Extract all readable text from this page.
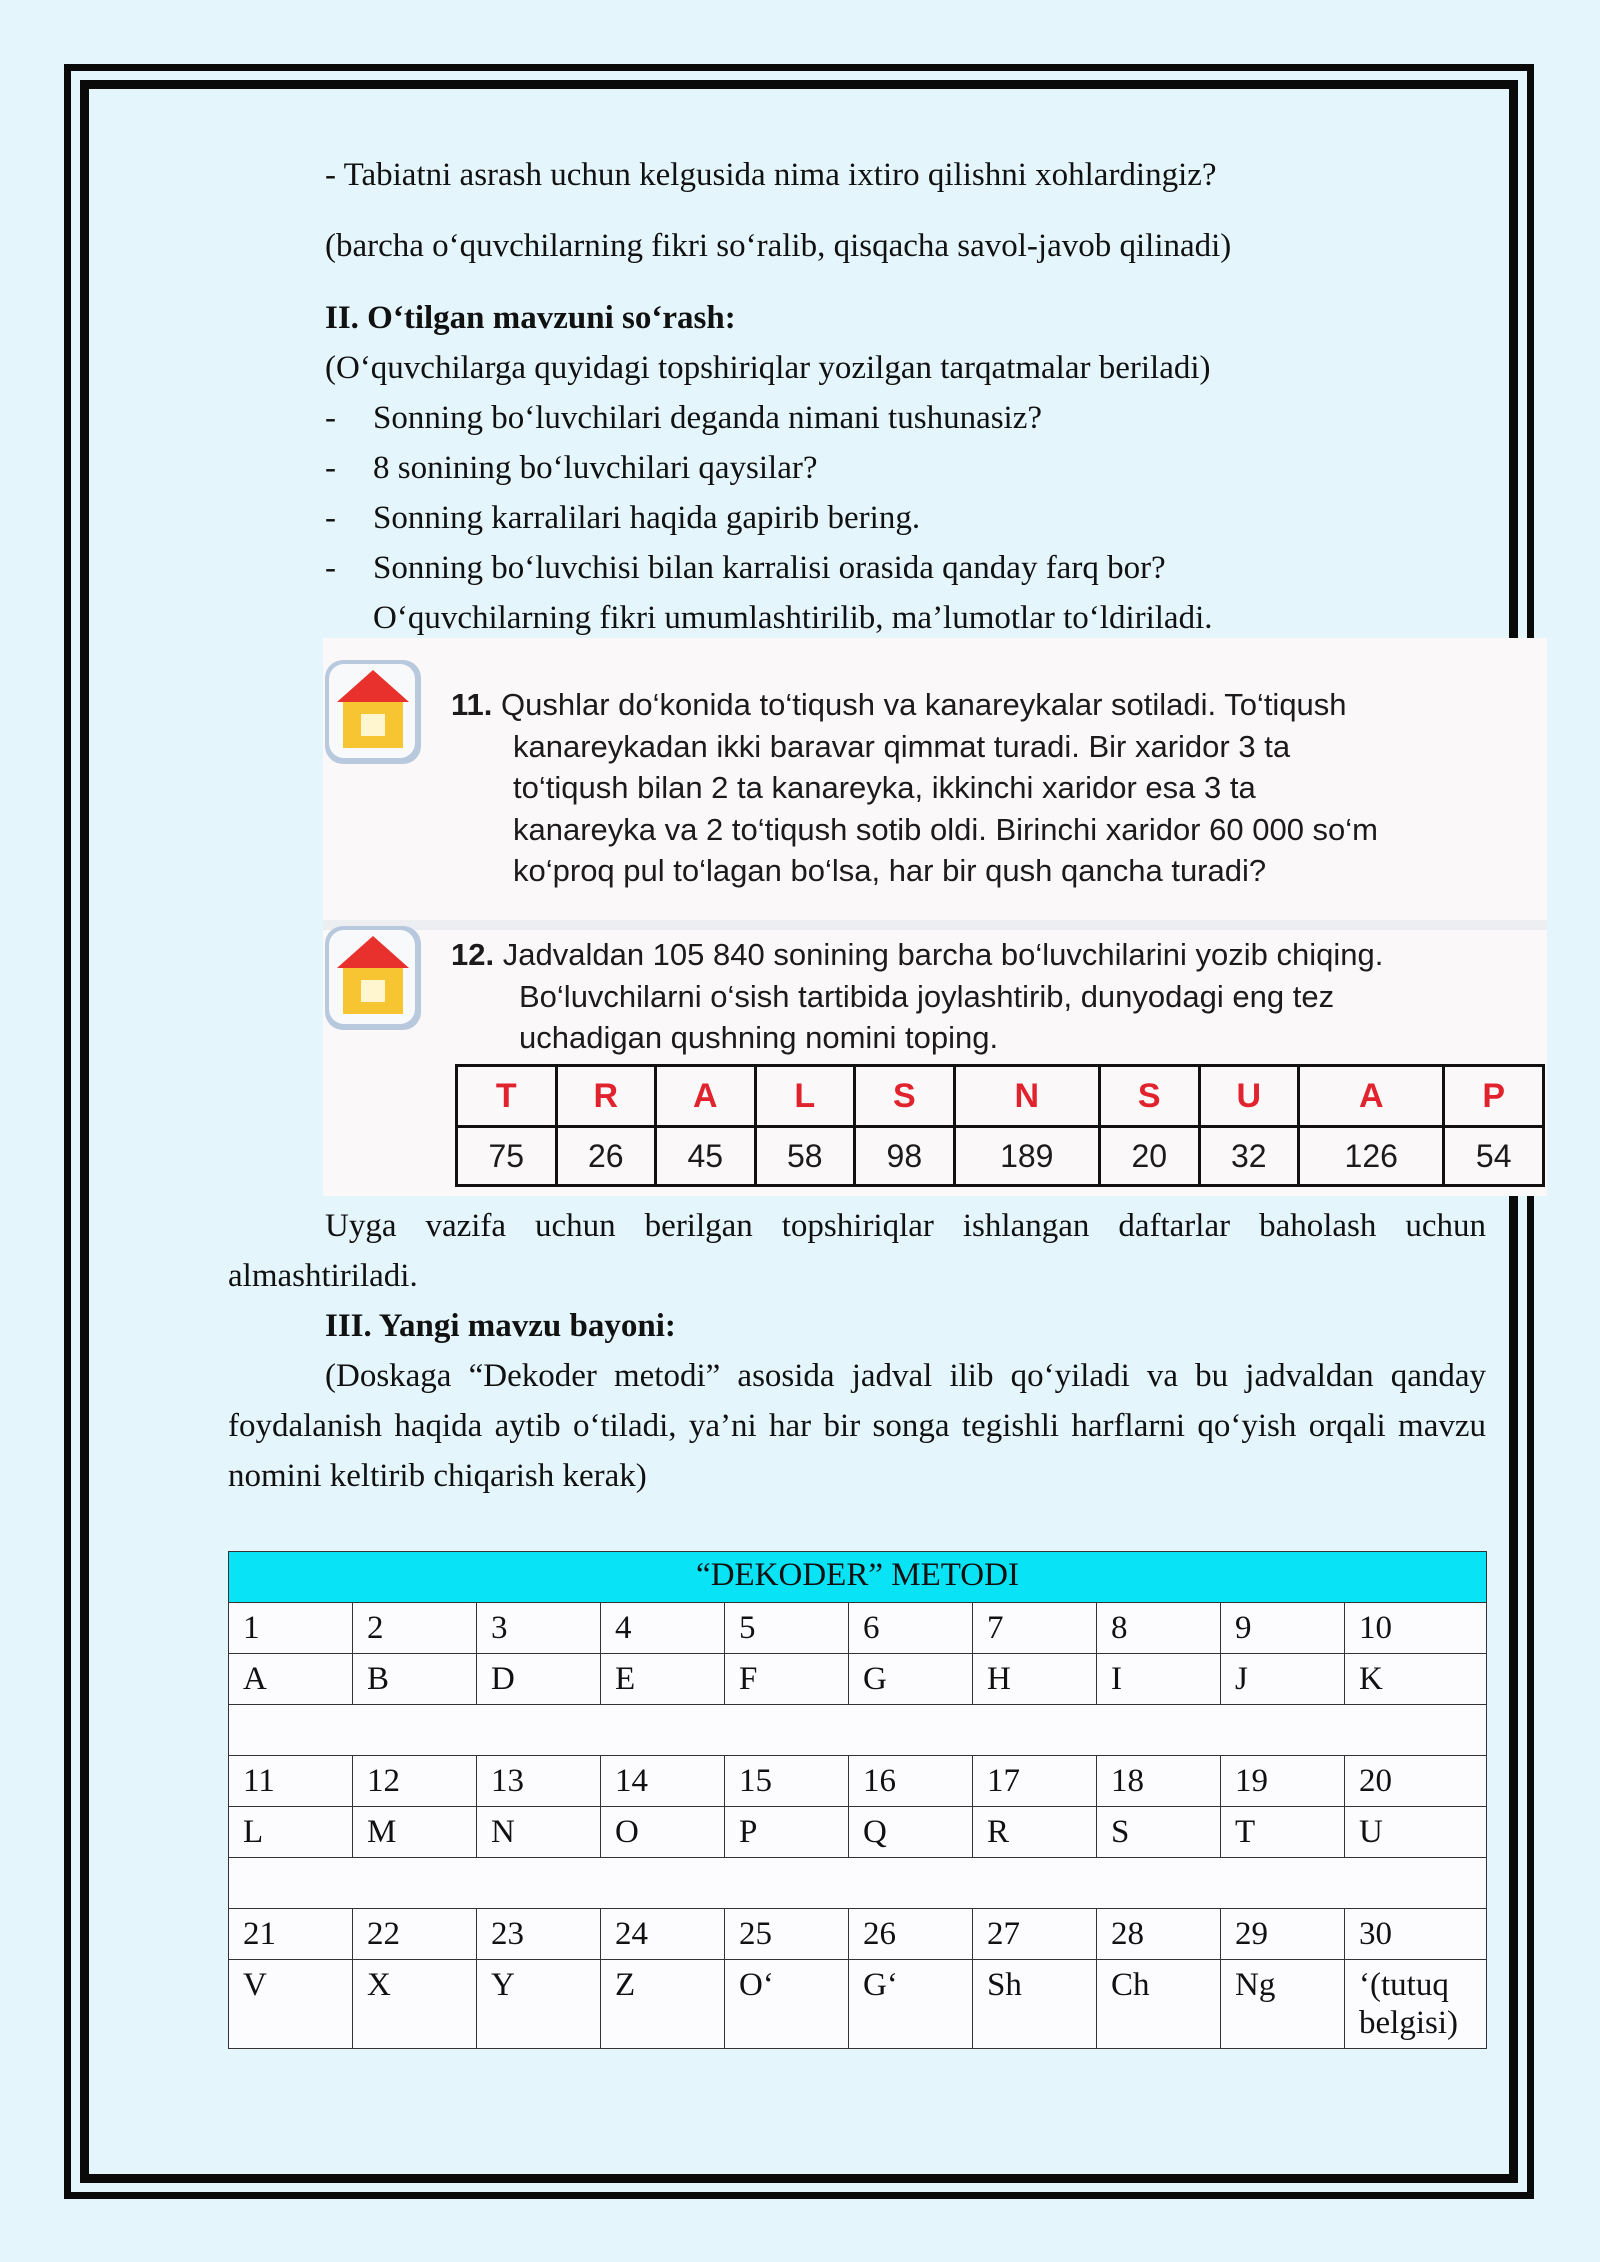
- Tabiatni asrash uchun kelgusida nima ixtiro qilishni xohlardingiz?
(barcha o‘quvchilarning fikri so‘ralib, qisqacha savol-javob qilinadi)
II. O‘tilgan mavzuni so‘rash:
(O‘quvchilarga quyidagi topshiriqlar yozilgan tarqatmalar beriladi)
- Sonning bo‘luvchilari deganda nimani tushunasiz?
- 8 sonining bo‘luvchilari qaysilar?
- Sonning karralilari haqida gapirib bering.
- Sonning bo‘luvchisi bilan karralisi orasida qanday farq bor?
O‘quvchilarning fikri umumlashtirilib, ma’lumotlar to‘ldiriladi.
11. Qushlar do‘konida to‘tiqush va kanareykalar sotiladi. To‘tiqush
kanareykadan ikki baravar qimmat turadi. Bir xaridor 3 ta
to‘tiqush bilan 2 ta kanareyka, ikkinchi xaridor esa 3 ta
kanareyka va 2 to‘tiqush sotib oldi. Birinchi xaridor 60 000 so‘m
ko‘proq pul to‘lagan bo‘lsa, har bir qush qancha turadi?
12. Jadvaldan 105 840 sonining barcha bo‘luvchilarini yozib chiqing.
Bo‘luvchilarni o‘sish tartibida joylashtirib, dunyodagi eng tez
uchadigan qushning nomini toping.
T	R	A	L	S	N	S	U	A	P
75	26	45	58	98	189	20	32	126	54
Uyga vazifa uchun berilgan topshiriqlar ishlangan daftarlar baholash uchun almashtiriladi.
III. Yangi mavzu bayoni:
(Doskaga “Dekoder metodi” asosida jadval ilib qo‘yiladi va bu jadvaldan qanday foydalanish haqida aytib o‘tiladi, ya’ni har bir songa tegishli harflarni qo‘yish orqali mavzu nomini keltirib chiqarish kerak)
“DEKODER” METODI									
1	2	3	4	5	6	7	8	9	10
A	B	D	E	F	G	H	I	J	K

11	12	13	14	15	16	17	18	19	20
L	M	N	O	P	Q	R	S	T	U

21	22	23	24	25	26	27	28	29	30
V	X	Y	Z	O‘	G‘	Sh	Ch	Ng	‘(tutuq belgisi)
